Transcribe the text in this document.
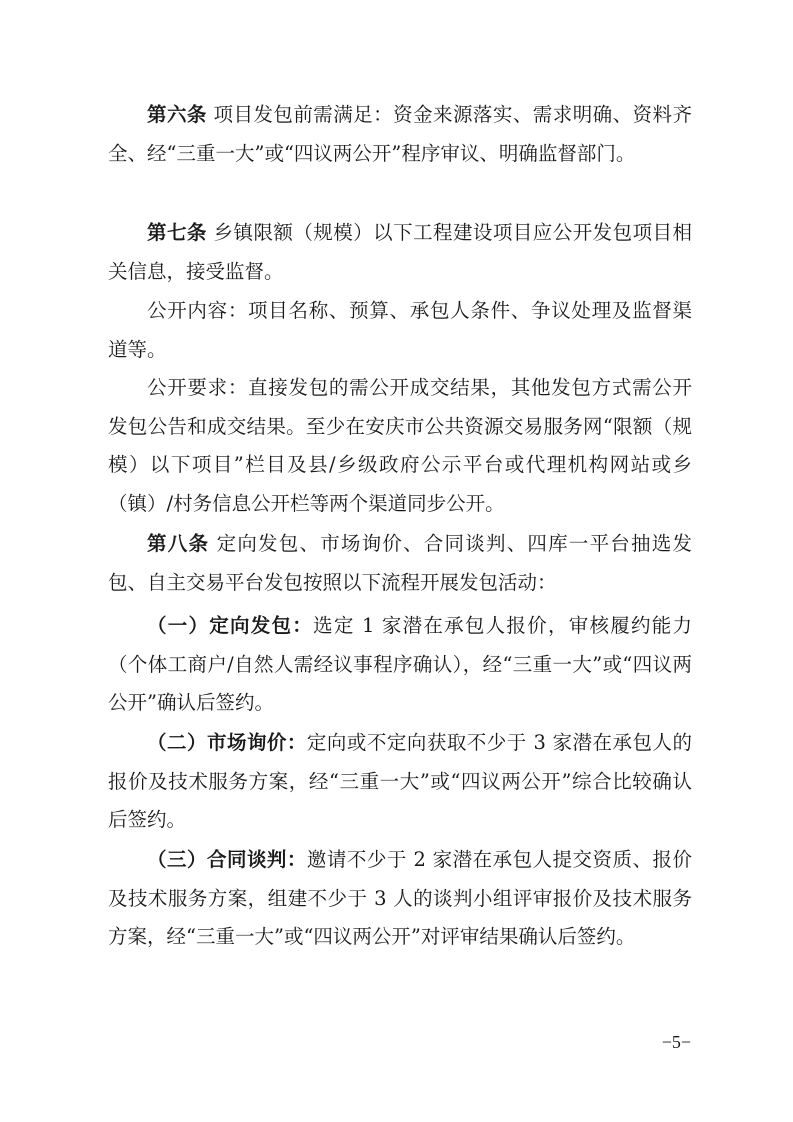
第六条 项目发包前需满足：资金来源落实、需求明确、资料齐全、经“三重一大”或“四议两公开”程序审议、明确监督部门。

第七条 乡镇限额（规模）以下工程建设项目应公开发包项目相关信息，接受监督。

公开内容：项目名称、预算、承包人条件、争议处理及监督渠道等。

公开要求：直接发包的需公开成交结果，其他发包方式需公开发包公告和成交结果。至少在安庆市公共资源交易服务网“限额（规模）以下项目”栏目及县/乡级政府公示平台或代理机构网站或乡（镇）/村务信息公开栏等两个渠道同步公开。

第八条 定向发包、市场询价、合同谈判、四库一平台抽选发包、自主交易平台发包按照以下流程开展发包活动：

（一）定向发包：选定 1 家潜在承包人报价，审核履约能力（个体工商户/自然人需经议事程序确认），经“三重一大”或“四议两公开”确认后签约。

（二）市场询价：定向或不定向获取不少于 3 家潜在承包人的报价及技术服务方案，经“三重一大”或“四议两公开”综合比较确认后签约。

（三）合同谈判：邀请不少于 2 家潜在承包人提交资质、报价及技术服务方案，组建不少于 3 人的谈判小组评审报价及技术服务方案，经“三重一大”或“四议两公开”对评审结果确认后签约。

−5−
